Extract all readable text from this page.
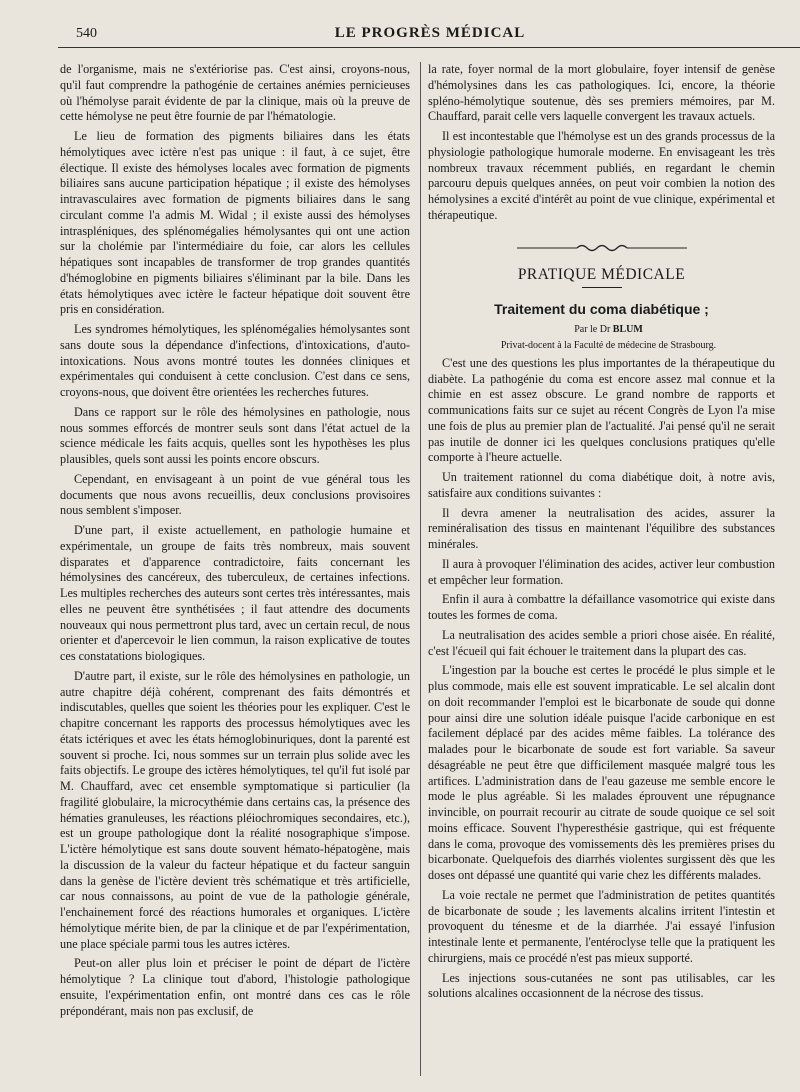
540	LE PROGRÈS MÉDICAL

de l'organisme, mais ne s'extériorise pas. C'est ainsi, croyons-nous, qu'il faut comprendre la pathogénie de certaines anémies pernicieuses où l'hémolyse parait évidente de par la clinique, mais où la preuve de cette hémolyse ne peut être fournie de par l'hématologie.

Le lieu de formation des pigments biliaires dans les états hémolytiques avec ictère n'est pas unique : il faut, à ce sujet, être électique. Il existe des hémolyses locales avec formation de pigments biliaires sans aucune participation hépatique ; il existe des hémolyses intravasculaires avec formation de pigments biliaires dans le sang circulant comme l'a admis M. Widal ; il existe aussi des hémolyses intraspléniques, des splénomégalies hémolysantes qui ont une action sur la cholémie par l'intermédiaire du foie, car alors les cellules hépatiques sont incapables de transformer de trop grandes quantités d'hémoglobine en pigments biliaires s'éliminant par la bile. Dans les états hémolytiques avec ictère le facteur hépatique doit souvent être pris en considération.

Les syndromes hémolytiques, les splénomégalies hémolysantes sont sans doute sous la dépendance d'infections, d'intoxications, d'auto-intoxications. Nous avons montré toutes les données cliniques et expérimentales qui conduisent à cette conclusion. C'est dans ce sens, croyons-nous, que doivent être orientées les recherches futures.

Dans ce rapport sur le rôle des hémolysines en pathologie, nous nous sommes efforcés de montrer seuls sont dans l'état actuel de la science médicale les faits acquis, quelles sont les hypothèses les plus plausibles, quels sont aussi les points encore obscurs.

Cependant, en envisageant à un point de vue général tous les documents que nous avons recueillis, deux conclusions provisoires nous semblent s'imposer.

D'une part, il existe actuellement, en pathologie humaine et expérimentale, un groupe de faits très nombreux, mais souvent disparates et d'apparence contradictoire, faits concernant les hémolysines des cancéreux, des tuberculeux, de certaines infections. Les multiples recherches des auteurs sont certes très intéressantes, mais elles ne peuvent être synthétisées ; il faut attendre des documents nouveaux qui nous permettront plus tard, avec un certain recul, de nous orienter et d'apercevoir le lien commun, la raison explicative de toutes ces constatations biologiques.

D'autre part, il existe, sur le rôle des hémolysines en pathologie, un autre chapitre déjà cohérent, comprenant des faits démontrés et indiscutables, quelles que soient les théories pour les expliquer. C'est le chapitre concernant les rapports des processus hémolytiques avec les états ictériques et avec les états hémoglobinuriques, dont la parenté est souvent si proche. Ici, nous sommes sur un terrain plus solide avec les faits objectifs. Le groupe des ictères hémolytiques, tel qu'il fut isolé par M. Chauffard, avec cet ensemble symptomatique si particulier (la fragilité globulaire, la microcythémie dans certains cas, la présence des hématies granuleuses, les réactions pléiochromiques secondaires, etc.), est un groupe pathologique dont la réalité nosographique s'impose. L'ictère hémolytique est sans doute souvent hémato-hépatogène, mais la discussion de la valeur du facteur hépatique et du facteur sanguin dans la genèse de l'ictère devient très schématique et très artificielle, car nous connaissons, au point de vue de la pathologie générale, l'enchainement forcé des réactions humorales et organiques. L'ictère hémolytique mérite bien, de par la clinique et de par l'expérimentation, une place spéciale parmi tous les autres ictères.

Peut-on aller plus loin et préciser le point de départ de l'ictère hémolytique ? La clinique tout d'abord, l'histologie pathologique ensuite, l'expérimentation enfin, ont montré dans ces cas le rôle prépondérant, mais non pas exclusif, de

la rate, foyer normal de la mort globulaire, foyer intensif de genèse d'hémolysines dans les cas pathologiques. Ici, encore, la théorie spléno-hémolytique soutenue, dès ses premiers mémoires, par M. Chauffard, parait celle vers laquelle convergent les travaux actuels.

Il est incontestable que l'hémolyse est un des grands processus de la physiologie pathologique humorale moderne. En envisageant les très nombreux travaux récemment publiés, en regardant le chemin parcouru depuis quelques années, on peut voir combien la notion des hémolysines a excité d'intérêt au point de vue clinique, expérimental et thérapeutique.

PRATIQUE MÉDICALE
Traitement du coma diabétique ;

Par le Dr BLUM

Privat-docent à la Faculté de médecine de Strasbourg.

C'est une des questions les plus importantes de la thérapeutique du diabète. La pathogénie du coma est encore assez mal connue et la chimie en est assez obscure. Le grand nombre de rapports et communications faits sur ce sujet au récent Congrès de Lyon l'a mise une fois de plus au premier plan de l'actualité. J'ai pensé qu'il ne serait pas inutile de donner ici les quelques conclusions pratiques qu'elle comporte à l'heure actuelle.

Un traitement rationnel du coma diabétique doit, à notre avis, satisfaire aux conditions suivantes :

Il devra amener la neutralisation des acides, assurer la reminéralisation des tissus en maintenant l'équilibre des substances minérales.

Il aura à provoquer l'élimination des acides, activer leur combustion et empêcher leur formation.

Enfin il aura à combattre la défaillance vasomotrice qui existe dans toutes les formes de coma.

La neutralisation des acides semble a priori chose aisée. En réalité, c'est l'écueil qui fait échouer le traitement dans la plupart des cas.

L'ingestion par la bouche est certes le procédé le plus simple et le plus commode, mais elle est souvent impraticable. Le sel alcalin dont on doit recommander l'emploi est le bicarbonate de soude qui donne pour ainsi dire une solution idéale puisque l'acide carbonique en est facilement déplacé par des acides même faibles. La tolérance des malades pour le bicarbonate de soude est fort variable. Sa saveur désagréable ne peut être que difficilement masquée malgré tous les artifices. L'administration dans de l'eau gazeuse me semble encore le mode le plus agréable. Si les malades éprouvent une répugnance invincible, on pourrait recourir au citrate de soude quoique ce sel soit moins efficace. Souvent l'hyperesthésie gastrique, qui est fréquente dans le coma, provoque des vomissements dès les premières prises du bicarbonate. Quelquefois des diarrhés violentes surgissent dès que les doses ont dépassé une quantité qui varie chez les différents malades.

La voie rectale ne permet que l'administration de petites quantités de bicarbonate de soude ; les lavements alcalins irritent l'intestin et provoquent du ténesme et de la diarrhée. J'ai essayé l'infusion intestinale lente et permanente, l'entéroclyse telle que la pratiquent les chirurgiens, mais ce procédé n'est pas mieux supporté.

Les injections sous-cutanées ne sont pas utilisables, car les solutions alcalines occasionnent de la nécrose des tissus.
